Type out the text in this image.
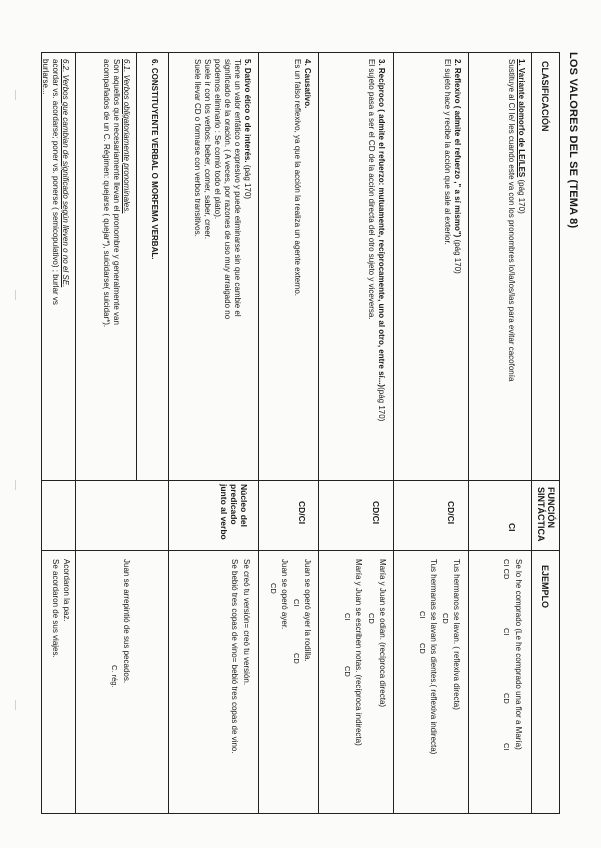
LOS VALORES DEL SE (TEMA 8)
CLASIFICACIÓN
FUNCIÓN
SINTÁCTICA
EJEMPLO
1. Variante alomorfo de LE/LES (pág 170)
Sustituye al CI le/ les cuando este va con los pronombres lo/la/los/las para evitar cacofonía
CI
Se lo he comprado (Le he comprado una flor a María)
CI CD
CI
CD
CI
2. Reflexivo ( admite el refuerzo ," a sí mismo") (pág 170)
El sujeto hace y recibe la acción que sale al exterior.
CD/CI
Tus hermanos se lavan. ( reflexiva directa)
CD
Tus hermanas se lavan los dientes.( reflexiva indirecta)
CI
CD
3. Recíproco ( admite el refuerzo: mutuamente, recíprocamente, uno al otro, entre sí...)(pág 170)
El sujeto pasa a ser el CD de la acción directa del otro sujeto y viceversa.
CD/CI
María y Juan se odian. (recíproca directa)
CD
María y Juan se escriben notas. (recíproca indirecta)
CI
CD
4. Causativo.
Es un falso reflexivo, ya que la acción la realiza un agente externo.
CD/CI
Juan se operó ayer la rodilla.
CI
CD
Juan se operó ayer.
CD
5. Dativo ético o de interés. (pág 170)
Tiene un valor enfático o expresivo y puede eliminarse sin que cambie el
significado de la oración. ( A veces, por razones de uso muy arraigado no
podemos eliminarlo : Se comió todo el plato).
Suele ir con los verbos: beber, comer, saber, creer.
Suele llevar CD o formarse con verbos transitivos.
Núcleo del
predicado
junto al verbo
Se creó tu versión= creó tu versión.
Se bebió tres copas de vino= bebió tres copas de vino.
6. CONSTITUYENTE VERBAL O MORFEMA VERBAL.
6.1. Verbos obligatoriamente pronominales.
Son aquellos que necesariamente llevan el pronombre y generalmente van
acompañados de un C. Régimen: quejarse ( quejar*), suicidarse( suicidar*).
Juan se arrepintió de sus pecados.
C. rég.
6.2. Verbos que cambian de significado según lleven o no el SE.
acordar vs. acordarse; poner vs. ponerse ( semicopulativo) ; burlar vs
burlarse...
Acordaron la paz.
Se acordaron de sus viajes.
